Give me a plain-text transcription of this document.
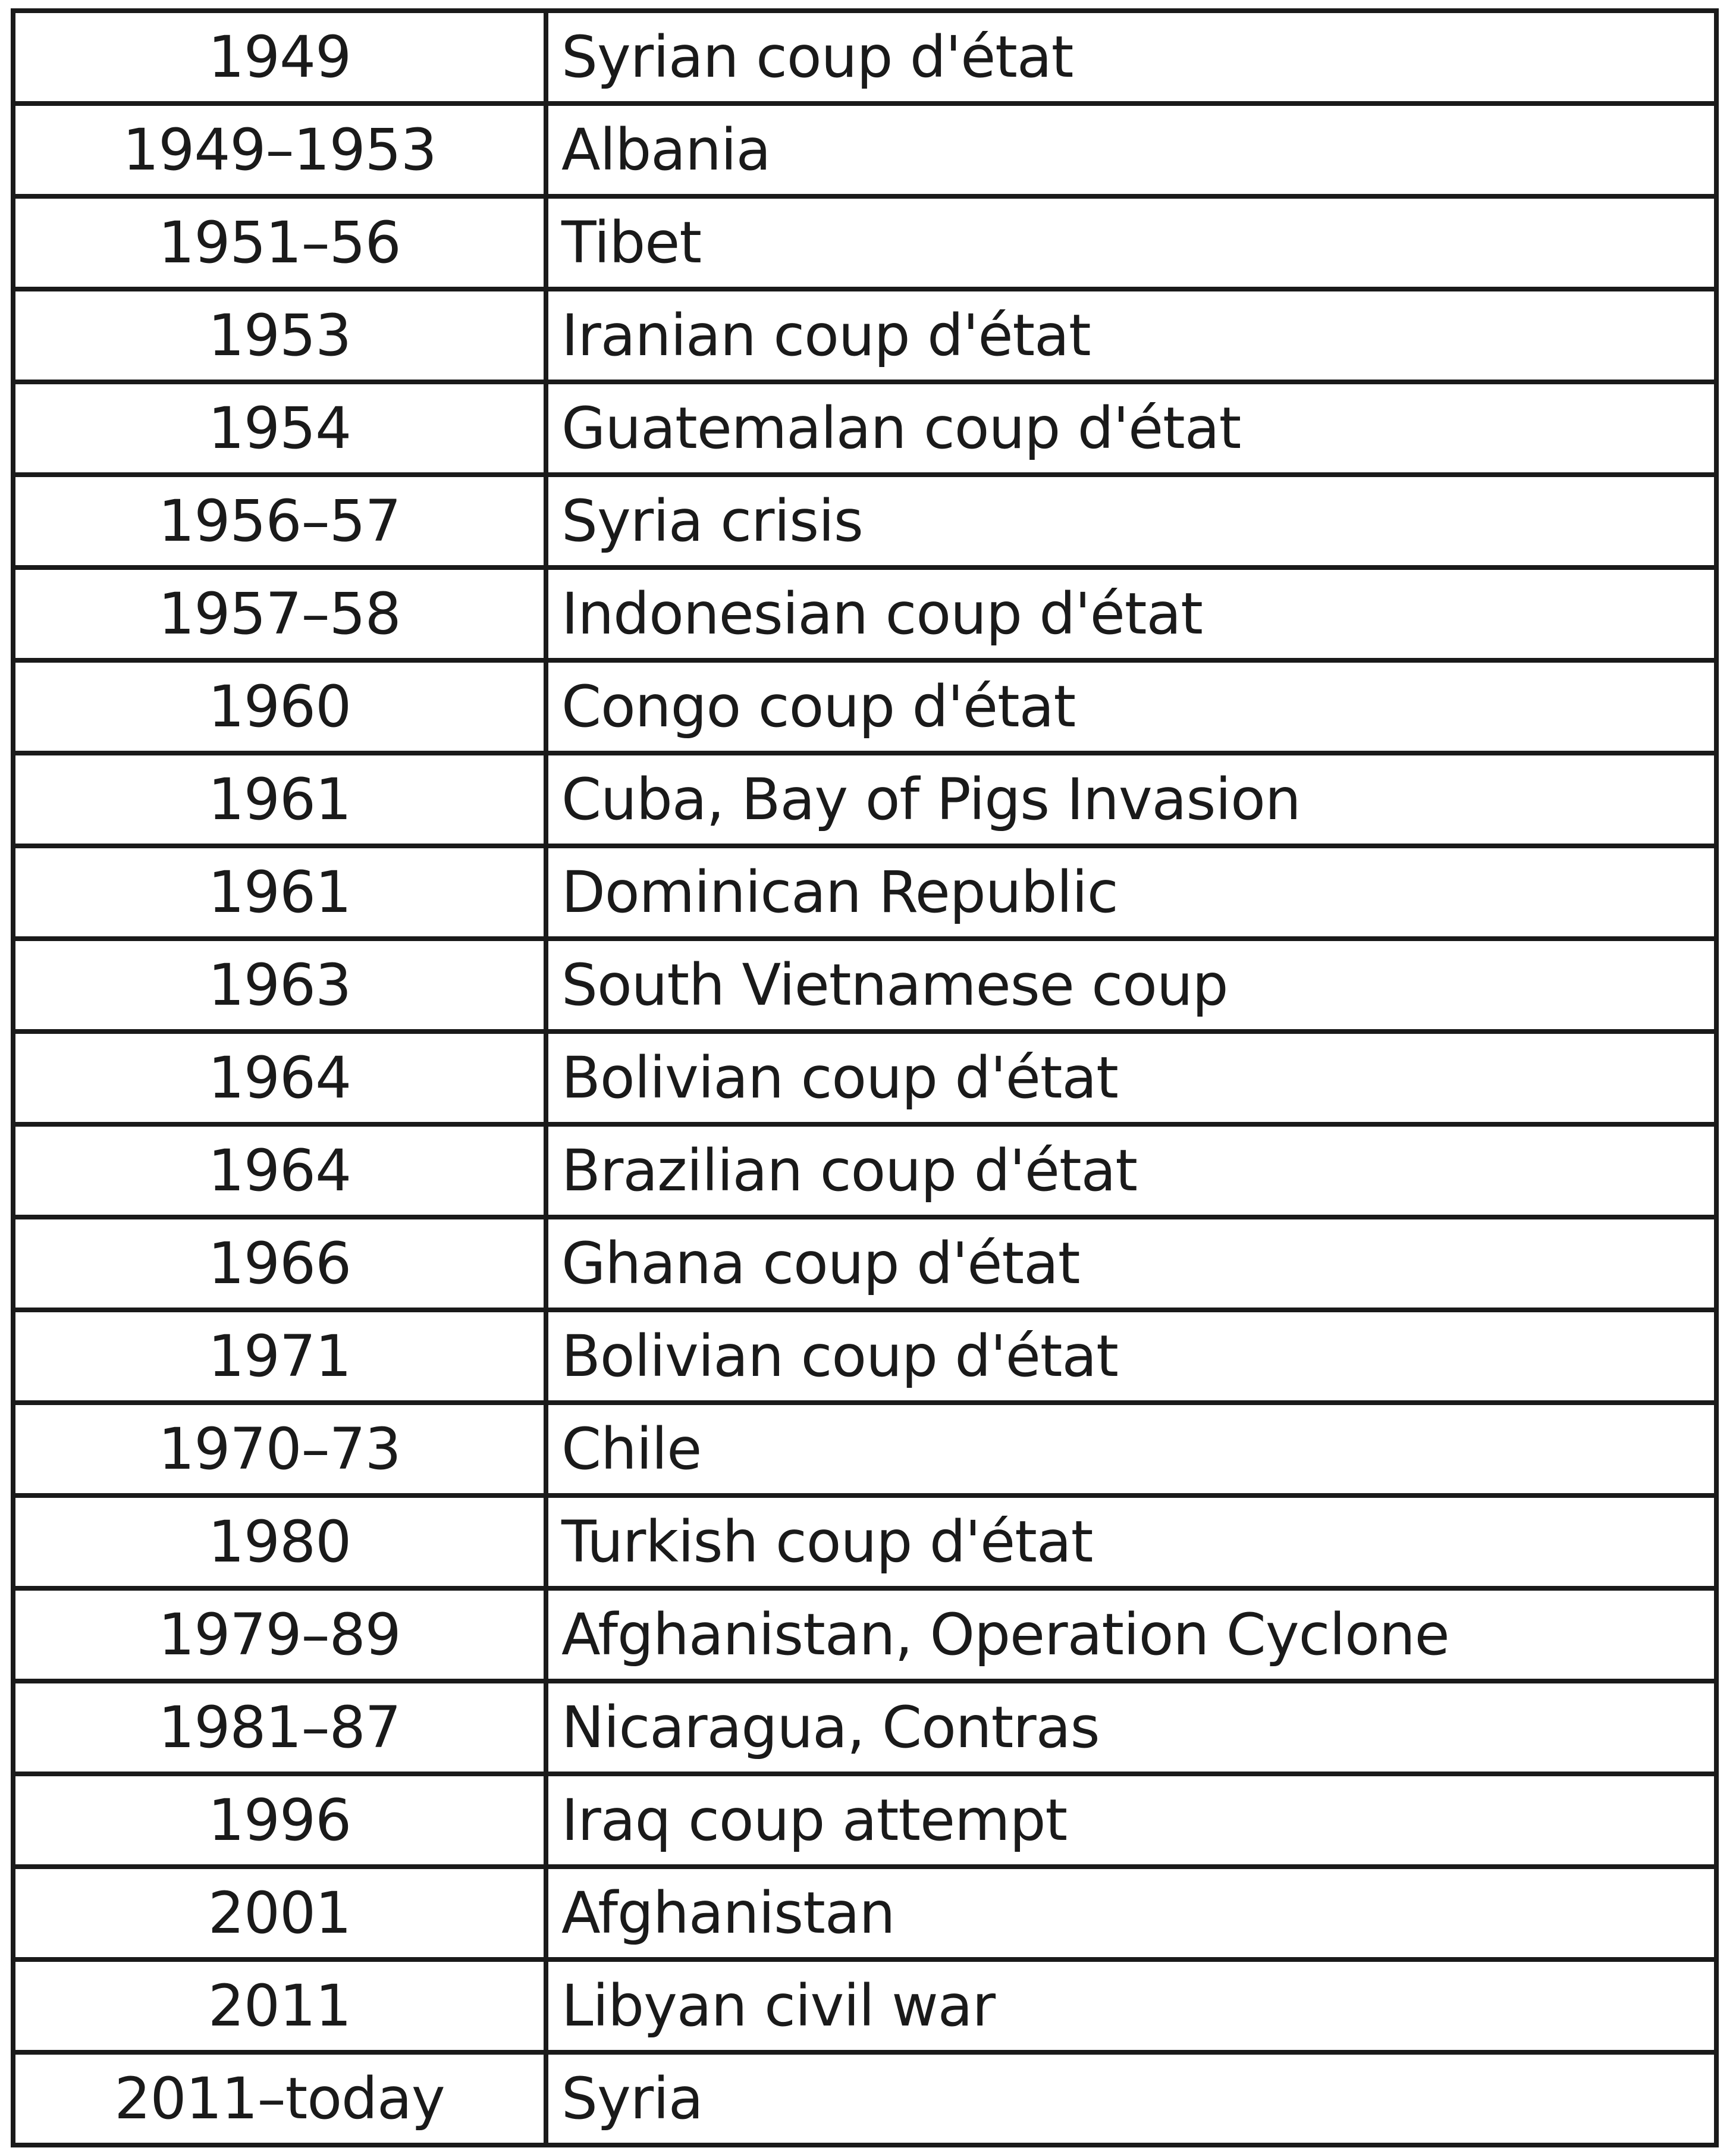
1949	Syrian coup d'état
1949–1953	Albania
1951–56	Tibet
1953	Iranian coup d'état
1954	Guatemalan coup d'état
1956–57	Syria crisis
1957–58	Indonesian coup d'état
1960	Congo coup d'état
1961	Cuba, Bay of Pigs Invasion
1961	Dominican Republic
1963	South Vietnamese coup
1964	Bolivian coup d'état
1964	Brazilian coup d'état
1966	Ghana coup d'état
1971	Bolivian coup d'état
1970–73	Chile
1980	Turkish coup d'état
1979–89	Afghanistan, Operation Cyclone
1981–87	Nicaragua, Contras
1996	Iraq coup attempt
2001	Afghanistan
2011	Libyan civil war
2011–today	Syria
